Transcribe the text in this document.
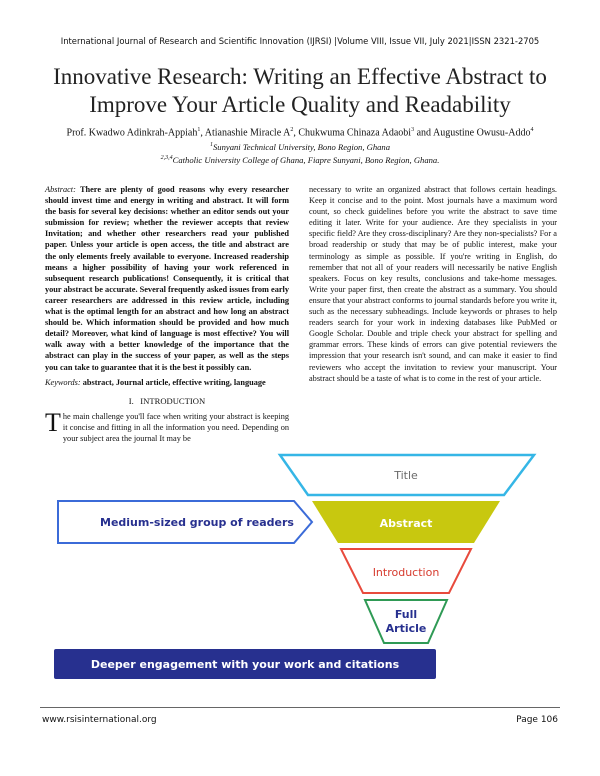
International Journal of Research and Scientific Innovation (IJRSI) |Volume VIII, Issue VII, July 2021|ISSN 2321-2705
Innovative Research: Writing an Effective Abstract to
Improve Your Article Quality and Readability
Prof. Kwadwo Adinkrah-Appiah$^1$, Atianashie Miracle $A^2$, Chukwuma Chinaza Adaobi$^3$ and Augustine Owusu-Addo$^4$
$^1$Sunyani Technical University, Bono Region, Ghana
$^{2,3,4}$Catholic University College of Ghana, Fiapre Sunyani, Bono Region, Ghana.

Abstract: There are plenty of good reasons why every researcher should invest time and energy in writing and abstract. It will form the basis for several key decisions: whether an editor sends out your submission for review; whether the reviewer accepts that review Invitation; and whether other researchers read your published paper. Unless your article is open access, the title and abstract are the only elements freely available to everyone. Increased readership means a higher possibility of having your work referenced in subsequent research publications! Consequently, it is critical that your abstract be accurate. Several frequently asked issues from early career researchers are addressed in this review article, including what is the optimal length for an abstract and how long an abstract should be. Which information should be provided and how much detail? Moreover, what kind of language is most effective? You will walk away with a better knowledge of the importance that the abstract can play in the success of your paper, as well as the steps you can take to guarantee that it is the best it possibly can.

Keywords: abstract, Journal article, effective writing, language

I. INTRODUCTION

The main challenge you'll face when writing your abstract is keeping it concise and fitting in all the information you need. Depending on your subject area the journal It may be

necessary to write an organized abstract that follows certain headings. Keep it concise and to the point. Most journals have a maximum word count, so check guidelines before you write the abstract to save time editing it later. Write for your audience. Are they specialists in your specific field? Are they cross-disciplinary? Are they non-specialists? For a broad readership or study that may be of public interest, make your terminology as simple as possible. If you're writing in English, do remember that not all of your readers will necessarily be native English speakers. Focus on key results, conclusions and take-home messages. Write your paper first, then create the abstract as a summary. You should ensure that your abstract conforms to journal standards before you write it, such as the necessary subheadings. Include keywords or phrases to help readers search for your work in indexing databases like PubMed or Google Scholar. Double and triple check your abstract for spelling and grammar errors. These kinds of errors can give potential reviewers the impression that your research isn't sound, and can make it easier to find reviewers who accept the invitation to review your manuscript. Your abstract should be a taste of what is to come in the rest of your article.

Title
Medium-sized group of readers	Abstract
Introduction
Full
Article
Deeper engagement with your work and citations
www.rsisinternational.org	Page 106
